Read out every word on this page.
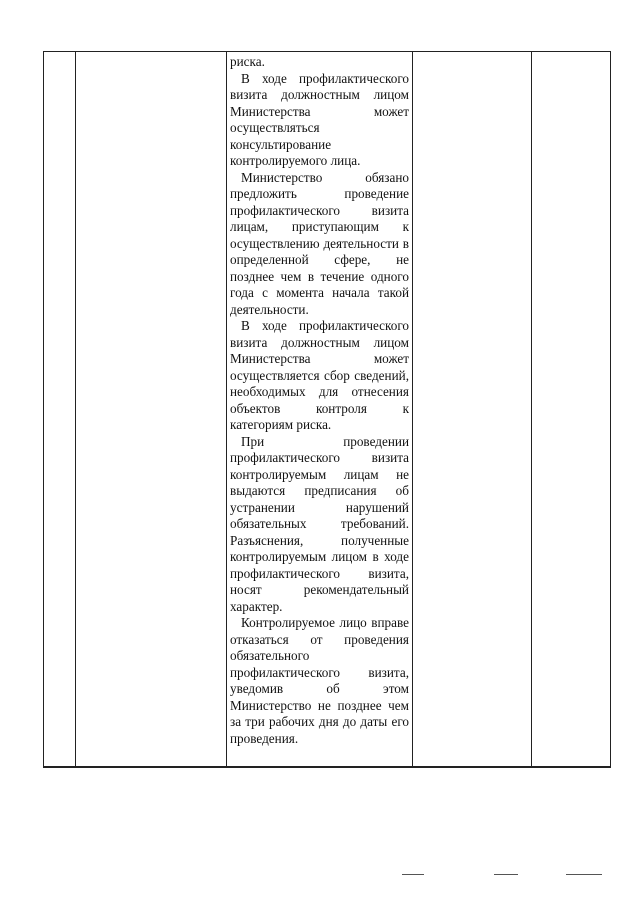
риска.
В ходе профилактического
визита должностным лицом
Министерства может
осуществляться
консультирование
контролируемого лица.
Министерство обязано
предложить проведение
профилактического визита
лицам, приступающим к
осуществлению деятельности в
определенной сфере, не
позднее чем в течение одного
года с момента начала такой
деятельности.
В ходе профилактического
визита должностным лицом
Министерства может
осуществляется сбор сведений,
необходимых для отнесения
объектов контроля к
категориям риска.
При проведении
профилактического визита
контролируемым лицам не
выдаются предписания об
устранении нарушений
обязательных требований.
Разъяснения, полученные
контролируемым лицом в ходе
профилактического визита,
носят рекомендательный
характер.
Контролируемое лицо вправе
отказаться от проведения
обязательного
профилактического визита,
уведомив об этом
Министерство не позднее чем
за три рабочих дня до даты его
проведения.
